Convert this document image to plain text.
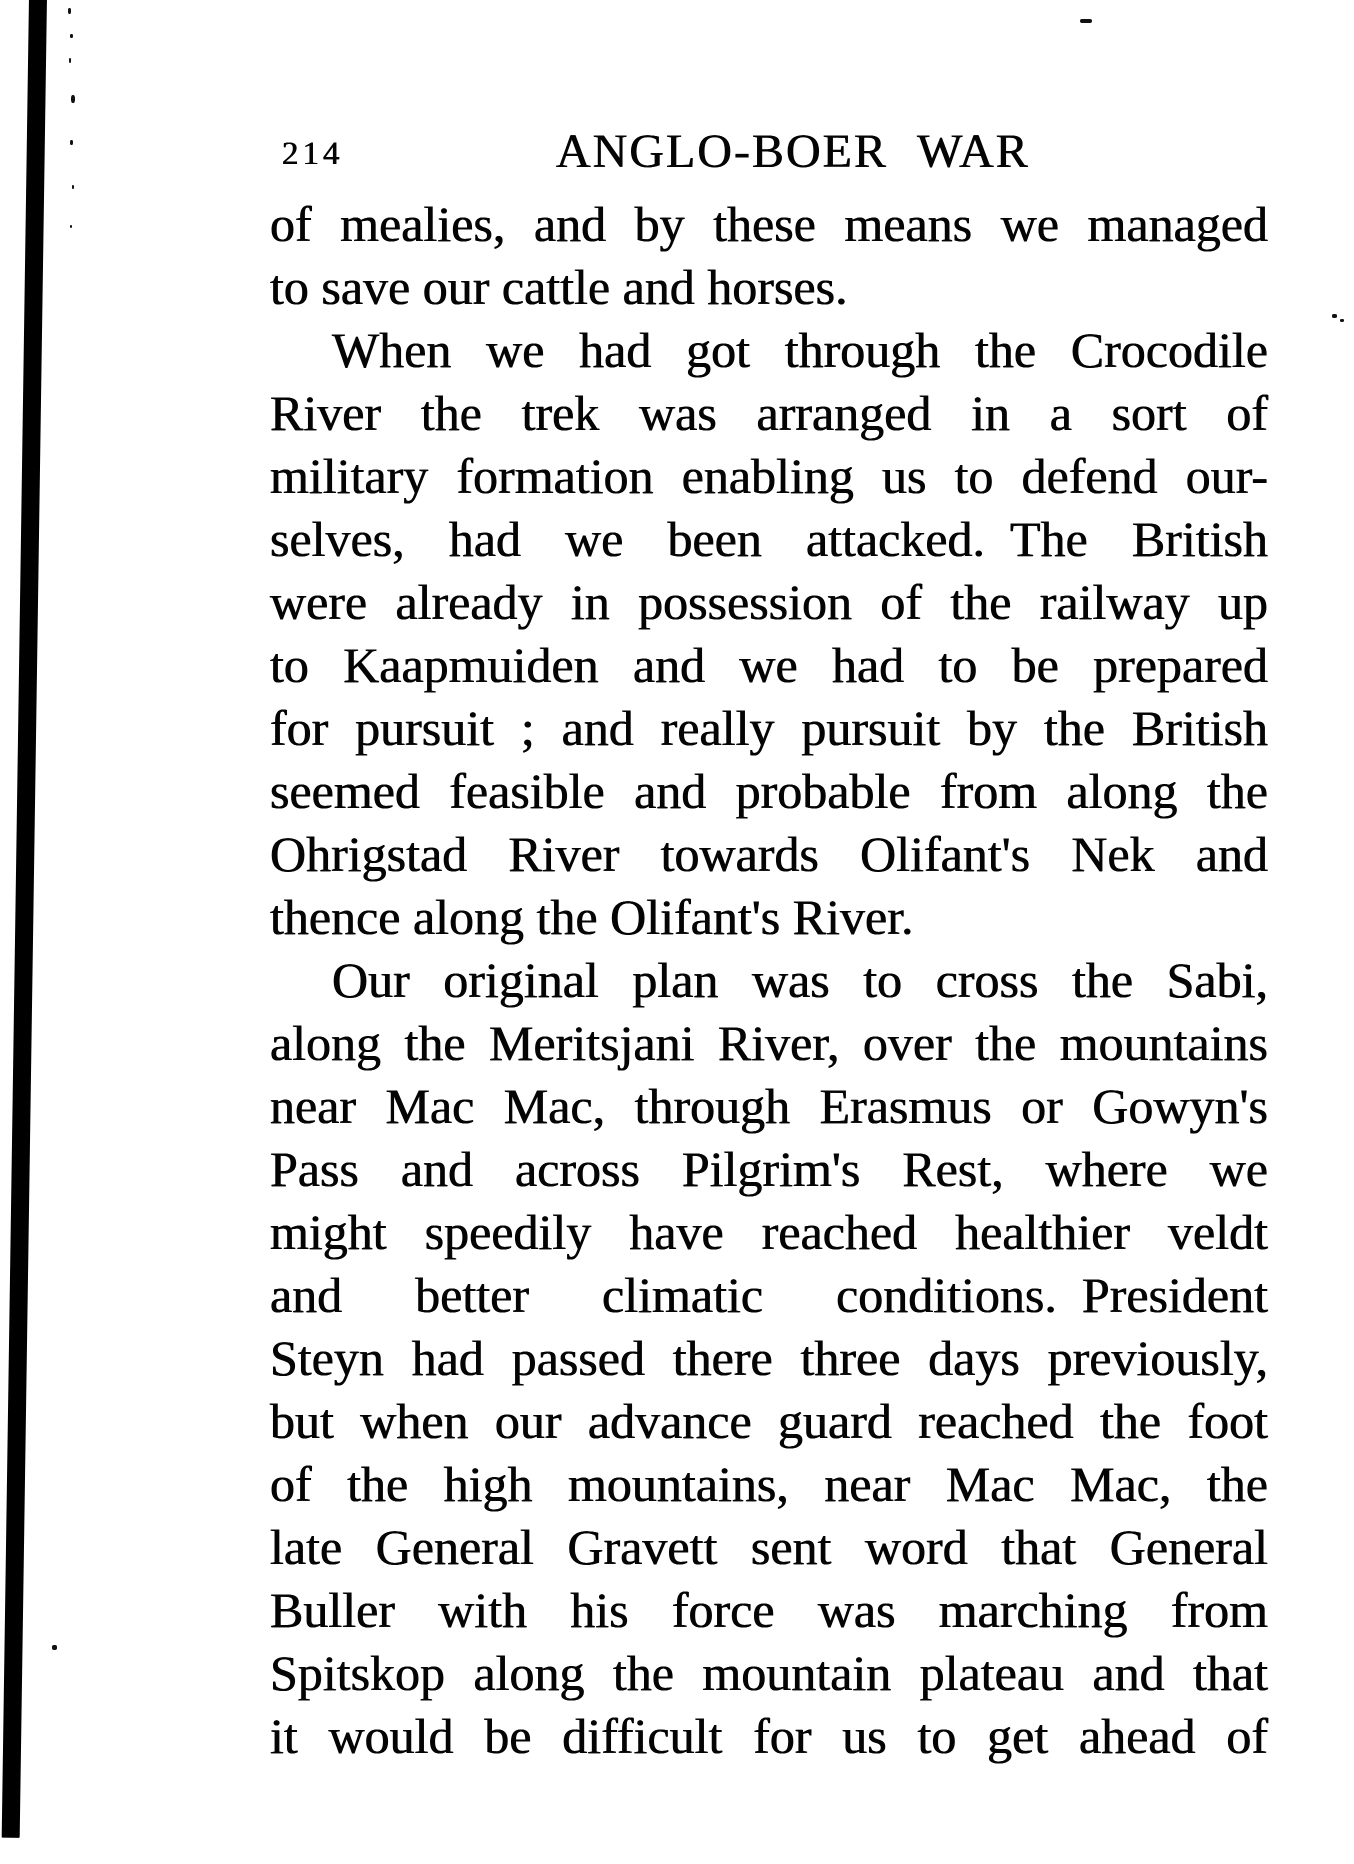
214	ANGLO-BOER WAR
of mealies, and by these means we managed
to save our cattle and horses.
When we had got through the Crocodile
River the trek was arranged in a sort of
military formation enabling us to defend our-
selves, had we been attacked. The British
were already in possession of the railway up
to Kaapmuiden and we had to be prepared
for pursuit ; and really pursuit by the British
seemed feasible and probable from along the
Ohrigstad River towards Olifant's Nek and
thence along the Olifant's River.
Our original plan was to cross the Sabi,
along the Meritsjani River, over the mountains
near Mac Mac, through Erasmus or Gowyn's
Pass and across Pilgrim's Rest, where we
might speedily have reached healthier veldt
and better climatic conditions. President
Steyn had passed there three days previously,
but when our advance guard reached the foot
of the high mountains, near Mac Mac, the
late General Gravett sent word that General
Buller with his force was marching from
Spitskop along the mountain plateau and that
it would be difficult for us to get ahead of
